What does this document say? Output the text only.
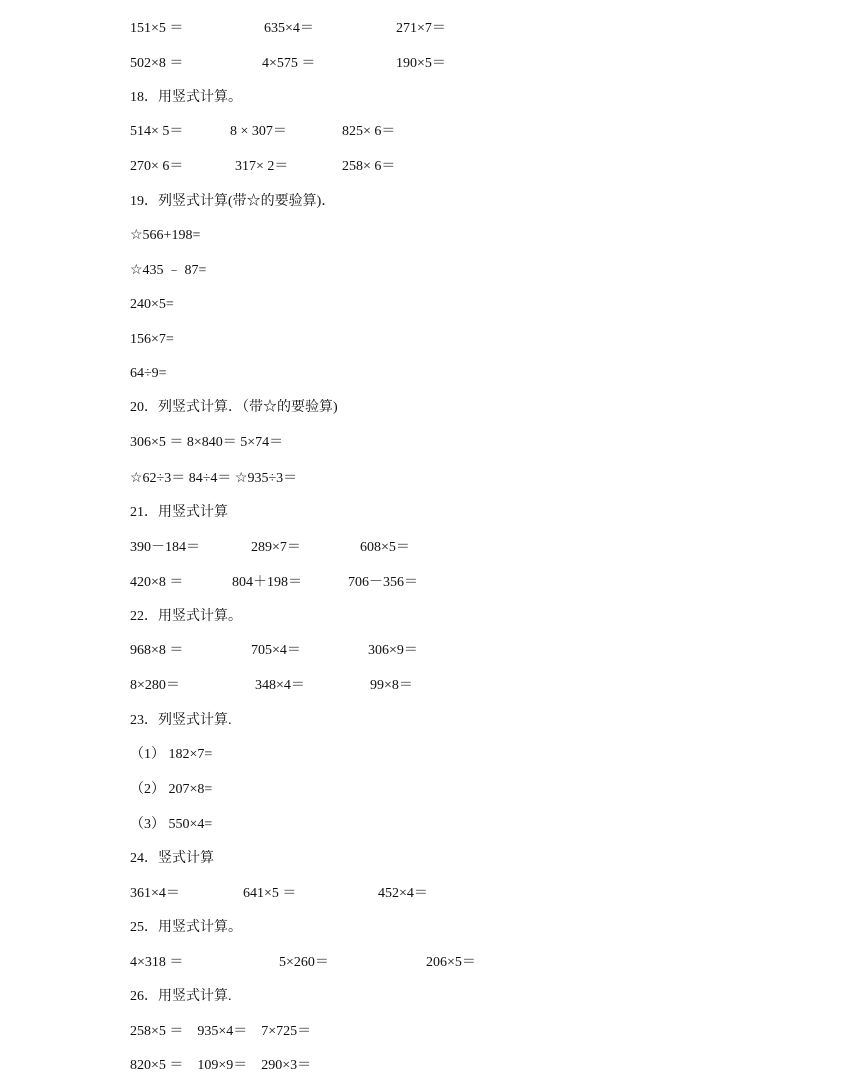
151×5 ＝	635×4＝	271×7＝
502×8 ＝	4×575 ＝	190×5＝
18．用竖式计算。
514× 5＝	8 × 307＝	825× 6＝
270× 6＝	317× 2＝	258× 6＝
19．列竖式计算(带☆的要验算)．
☆566+198=
☆435 ﹣ 87=
240×5=
156×7=
64÷9=
20．列竖式计算．（带☆的要验算)
306×5 ＝ 8×840＝ 5×74＝
☆62÷3＝ 84÷4＝ ☆935÷3＝
21．用竖式计算
390－184＝	289×7＝	608×5＝
420×8 ＝	804＋198＝	706－356＝
22．用竖式计算。
968×8 ＝	705×4＝	306×9＝
8×280＝	348×4＝	99×8＝
23．列竖式计算.
（1） 182×7=
（2） 207×8=
（3） 550×4=
24．竖式计算
361×4＝	641×5 ＝	452×4＝
25．用竖式计算。
4×318 ＝	5×260＝	206×5＝
26．用竖式计算.
258×5 ＝　935×4＝　7×725＝
820×5 ＝　109×9＝　290×3＝
